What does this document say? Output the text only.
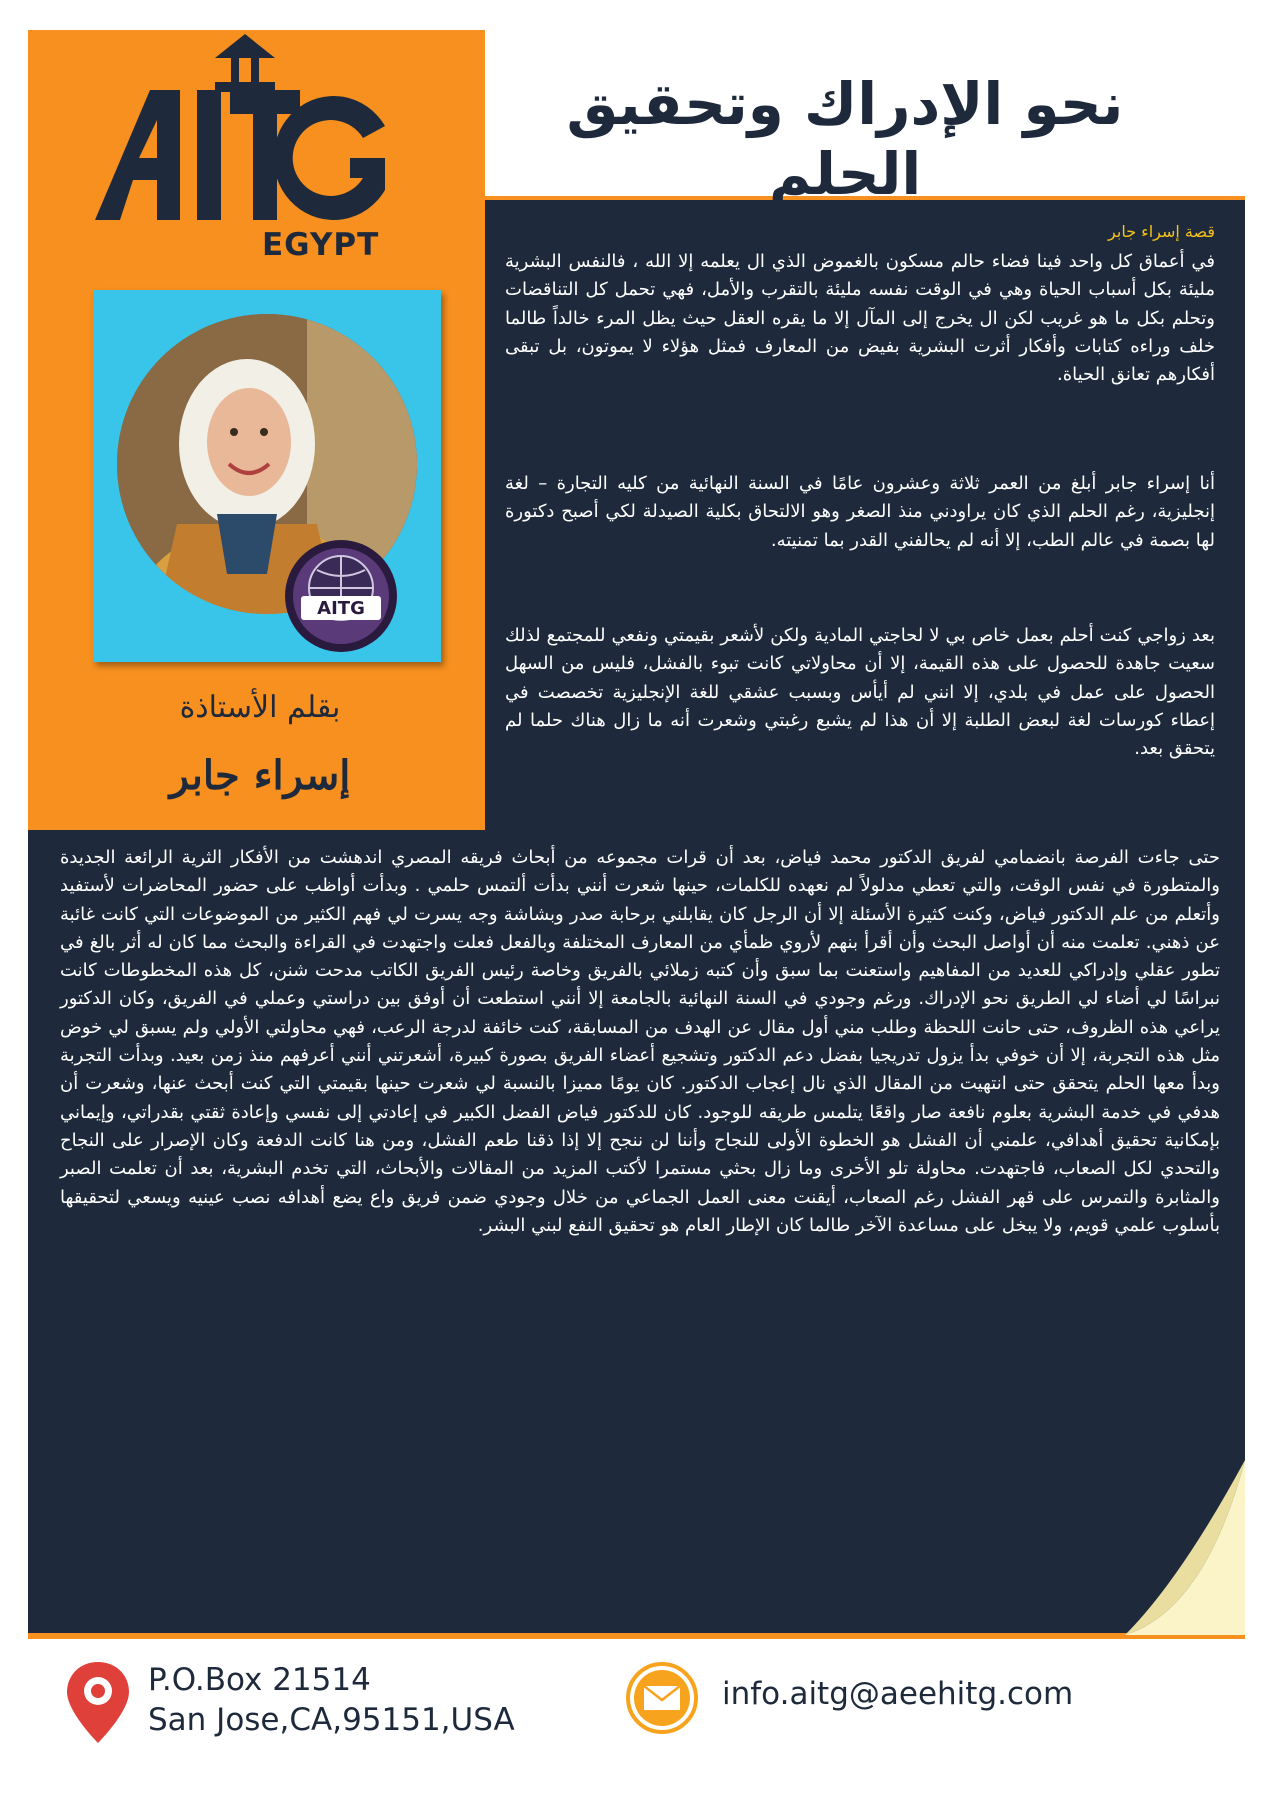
EGYPT
نحو الإدراك وتحقيق الحلم
AITG
بقلم الأستاذة
إسراء جابر
قصة إسراء جابر

في أعماق كل واحد فينا فضاء حالم مسكون بالغموض الذي ال يعلمه إلا الله ، فالنفس البشرية مليئة بكل أسباب الحياة وهي في الوقت نفسه مليئة بالتقرب والأمل، فهي تحمل كل التناقضات وتحلم بكل ما هو غريب لكن ال يخرج إلى المآل إلا ما يقره العقل حيث يظل المرء خالداً طالما خلف وراءه كتابات وأفكار أثرت البشرية بفيض من المعارف فمثل هؤلاء لا يموتون، بل تبقى أفكارهم تعانق الحياة.

أنا إسراء جابر أبلغ من العمر ثلاثة وعشرون عامًا في السنة النهائية من كليه التجارة – لغة إنجليزية، رغم الحلم الذي كان يراودني منذ الصغر وهو الالتحاق بكلية الصيدلة لكي أصبح دكتورة لها بصمة في عالم الطب، إلا أنه لم يحالفني القدر بما تمنيته.

بعد زواجي كنت أحلم بعمل خاص بي لا لحاجتي المادية ولكن لأشعر بقيمتي ونفعي للمجتمع لذلك سعيت جاهدة للحصول على هذه القيمة، إلا أن محاولاتي كانت تبوء بالفشل، فليس من السهل الحصول على عمل في بلدي، إلا انني لم أيأس وبسبب عشقي للغة الإنجليزية تخصصت في إعطاء كورسات لغة لبعض الطلبة إلا أن هذا لم يشبع رغبتي وشعرت أنه ما زال هناك حلما لم يتحقق بعد.

حتى جاءت الفرصة بانضمامي لفريق الدكتور محمد فياض، بعد أن قرات مجموعه من أبحاث فريقه المصري اندهشت من الأفكار الثرية الرائعة الجديدة والمتطورة في نفس الوقت، والتي تعطي مدلولاً لم نعهده للكلمات، حينها شعرت أنني بدأت ألتمس حلمي . وبدأت أواظب على حضور المحاضرات لأستفيد وأتعلم من علم الدكتور فياض، وكنت كثيرة الأسئلة إلا أن الرجل كان يقابلني برحابة صدر وبشاشة وجه يسرت لي فهم الكثير من الموضوعات التي كانت غائبة عن ذهني. تعلمت منه أن أواصل البحث وأن أقرأ بنهم لأروي ظمأي من المعارف المختلفة وبالفعل فعلت واجتهدت في القراءة والبحث مما كان له أثر بالغ في تطور عقلي وإدراكي للعديد من المفاهيم واستعنت بما سبق وأن كتبه زملائي بالفريق وخاصة رئيس الفريق الكاتب مدحت شنن، كل هذه المخطوطات كانت نبراسًا لي أضاء لي الطريق نحو الإدراك. ورغم وجودي في السنة النهائية بالجامعة إلا أنني استطعت أن أوفق بين دراستي وعملي في الفريق، وكان الدكتور يراعي هذه الظروف، حتى حانت اللحظة وطلب مني أول مقال عن الهدف من المسابقة، كنت خائفة لدرجة الرعب، فهي محاولتي الأولي ولم يسبق لي خوض مثل هذه التجربة، إلا أن خوفي بدأ يزول تدريجيا بفضل دعم الدكتور وتشجيع أعضاء الفريق بصورة كبيرة، أشعرتني أنني أعرفهم منذ زمن بعيد. وبدأت التجربة وبدأ معها الحلم يتحقق حتى انتهيت من المقال الذي نال إعجاب الدكتور. كان يومًا مميزا بالنسبة لي شعرت حينها بقيمتي التي كنت أبحث عنها، وشعرت أن هدفي في خدمة البشرية بعلوم نافعة صار واقعًا يتلمس طريقه للوجود. كان للدكتور فياض الفضل الكبير في إعادتي إلى نفسي وإعادة ثقتي بقدراتي، وإيماني بإمكانية تحقيق أهدافي، علمني أن الفشل هو الخطوة الأولى للنجاح وأننا لن ننجح إلا إذا ذقنا طعم الفشل، ومن هنا كانت الدفعة وكان الإصرار على النجاح والتحدي لكل الصعاب، فاجتهدت. محاولة تلو الأخرى وما زال بحثي مستمرا لأكتب المزيد من المقالات والأبحاث، التي تخدم البشرية، بعد أن تعلمت الصبر والمثابرة والتمرس على قهر الفشل رغم الصعاب، أيقنت معنى العمل الجماعي من خلال وجودي ضمن فريق واع يضع أهدافه نصب عينيه ويسعي لتحقيقها بأسلوب علمي قويم، ولا يبخل على مساعدة الآخر طالما كان الإطار العام هو تحقيق النفع لبني البشر.

P.O.Box 21514
San Jose,CA,95151,USA
info.aitg@aeehitg.com
